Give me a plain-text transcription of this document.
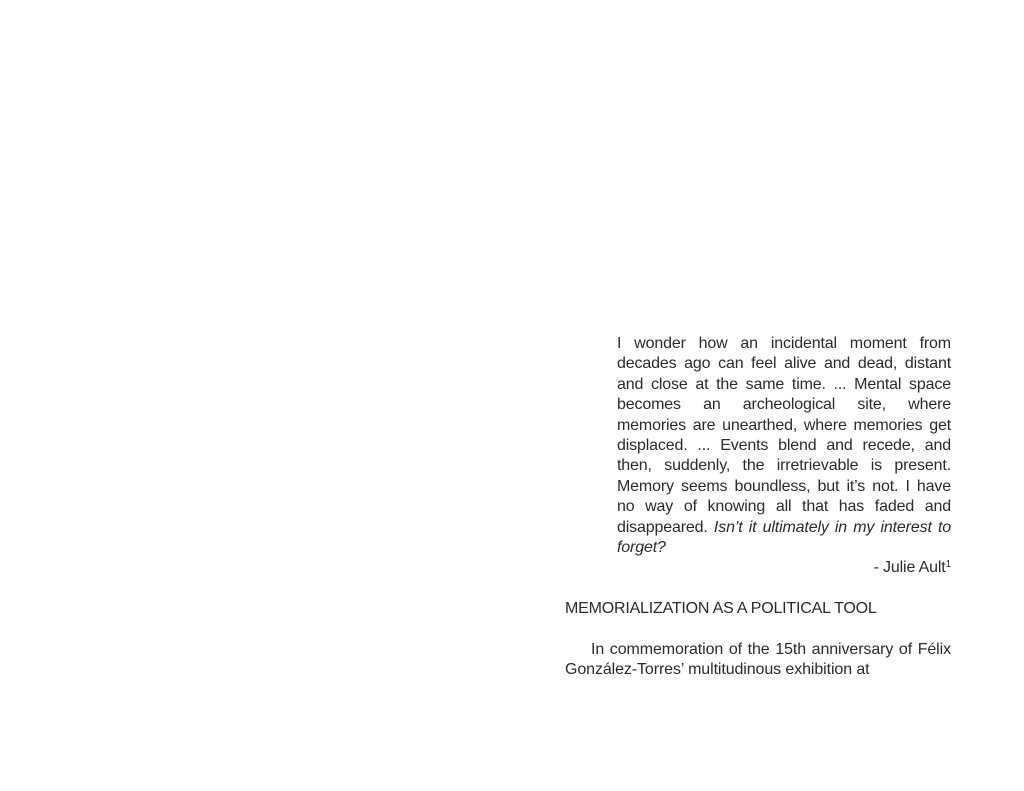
I wonder how an incidental moment from decades ago can feel alive and dead, distant and close at the same time. ... Mental space becomes an archeological site, where memories are unearthed, where memories get displaced. ... Events blend and recede, and then, suddenly, the irretrievable is present. Memory seems boundless, but it’s not. I have no way of knowing all that has faded and disappeared. Isn’t it ultimately in my interest to forget?
- Julie Ault$^1$
MEMORIALIZATION AS A POLITICAL TOOL

In commemoration of the 15th anniversary of Félix González-Torres’ multitudinous exhibition at
